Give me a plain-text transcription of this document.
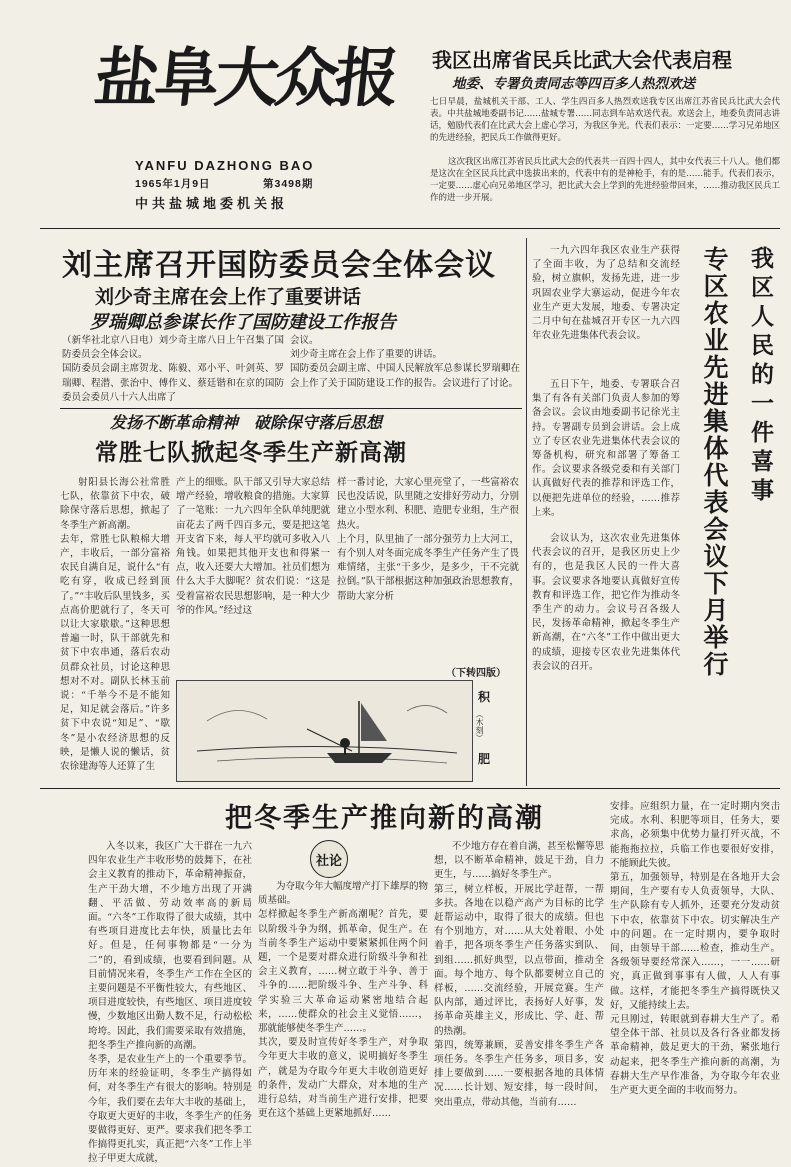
盐阜大众报
YANFU DAZHONG BAO
1965年1月9日	第3498期
中共盐城地委机关报
我区出席省民兵比武大会代表启程
地委、专署负责同志等四百多人热烈欢送
七日早晨，盐城机关干部、工人、学生四百多人热烈欢送我专区出席江苏省民兵比武大会代表。中共盐城地委副书记……盐城专署……同志到车站欢送代表。欢送会上，地委负责同志讲话，勉励代表们在比武大会上虚心学习，为我区争光。代表们表示：一定要……学习兄弟地区的先进经验，把民兵工作做得更好。
这次我区出席江苏省民兵比武大会的代表共一百四十四人，其中女代表三十八人。他们都是这次在全区民兵比武中选拔出来的，代表中有的是神枪手，有的是……能手。代表们表示，一定要……虚心向兄弟地区学习，把比武大会上学到的先进经验带回来，……推动我区民兵工作的进一步开展。
刘主席召开国防委员会全体会议
刘少奇主席在会上作了重要讲话
罗瑞卿总参谋长作了国防建设工作报告
（新华社北京八日电）刘少奇主席八日上午召集了国防委员会全体会议。
国防委员会副主席贺龙、陈毅、邓小平、叶剑英、罗瑞卿、程潜、张治中、傅作义、蔡廷锴和在京的国防委员会委员八十六人出席了
会议。
刘少奇主席在会上作了重要的讲话。
国防委员会副主席、中国人民解放军总参谋长罗瑞卿在会上作了关于国防建设工作的报告。会议进行了讨论。
发扬不断革命精神　破除保守落后思想
常胜七队掀起冬季生产新高潮
射阳县长海公社常胜七队，依靠贫下中农，破除保守落后思想，掀起了冬季生产新高潮。
去年，常胜七队粮棉大增产，丰收后，一部分富裕农民自满自足，说什么“有吃有穿，收成已经到顶了。”“丰收后队里钱多，买点高价肥就行了，冬天可以让大家歇歇。”这种思想普遍一时，队干部就先和贫下中农串通，落后农动员群众社员，讨论这种思想对不对。副队长林玉前说：“千举今不是不能知足，知足就会落后。”许多贫下中农说“知足”、“歇冬”是小农经济思想的反映，是懒人说的懒话，贫农徐建海等人还算了生
产上的细账。队干部又引导大家总结增产经验，增收粮食的措施。大家算了一笔账：一九六四年全队单纯肥就亩花去了两千四百多元，要是把这笔开支省下来，每人平均就可多收入八角钱。如果把其他开支也和得紧一点，收入还要大大增加。社员们想为什么大手大脚呢？贫农们说：“这是受着富裕农民思想影响，是一种大少爷的作风。”经过这
样一番讨论，大家心里亮堂了，一些富裕农民也没话说，队里随之安排好劳动力，分别建立小型水利、积肥、造肥专业组，生产很热火。
上个月，队里抽了一部分强劳力上大河工，有个别人对冬面完成冬季生产任务产生了畏难情绪，主张“干多少，是多少，干不完就拉倒。”队干部根据这种加强政治思想教育，帮助大家分析
（下转四版）
积
（木刻）
肥
一九六四年我区农业生产获得了全面丰收，为了总结和交流经验，树立旗帜，发扬先进，进一步巩固农业学大寨运动，促进今年农业生产更大发展，地委、专署决定二月中旬在盐城召开专区一九六四年农业先进集体代表会议。
五日下午，地委、专署联合召集了有各有关部门负责人参加的筹备会议。会议由地委副书记徐光主持。专署副专员到会讲话。会上成立了专区农业先进集体代表会议的筹备机构，研究和部署了筹备工作。会议要求各级党委和有关部门认真做好代表的推荐和评选工作，以便把先进单位的经验，……推荐上来。
会议认为，这次农业先进集体代表会议的召开，是我区历史上少有的，也是我区人民的一件大喜事。会议要求各地要认真做好宣传教育和评选工作，把它作为推动冬季生产的动力。会议号召各级人民，发扬革命精神，掀起冬季生产新高潮，在“六冬”工作中做出更大的成绩，迎接专区农业先进集体代表会议的召开。
我区人民的一件喜事
专区农业先进集体代表会议下月举行
把冬季生产推向新的高潮
社论
入冬以来，我区广大干群在一九六四年农业生产丰收形势的鼓舞下，在社会主义教育的推动下，革命精神振奋，生产干劲大增，不少地方出现了开满翻、平活做、劳动效率高的新局面。“六冬”工作取得了很大成绩，其中有些项目进度比去年快，质量比去年好。但是，任何事物都是“一分为二”的，看到成绩，也要看到问题。从目前情况来看，冬季生产工作在全区的主要问题是不平衡性较大，有些地区、项目进度较快，有些地区、项目进度较慢，少数地区出勤人数不足，行动松松垮垮。因此，我们需要采取有效措施，把冬季生产推向新的高潮。
冬季，是农业生产上的一个重要季节。历年来的经验证明，冬季生产搞得如何，对冬季生产有很大的影响。特别是今年，我们要在去年大丰收的基础上，夺取更大更好的丰收，冬季生产的任务要做得更好、更严。要求我们把冬季工作搞得更扎实，真正把“六冬”工作上半拉子甲更大成就，
为夺取今年大幅度增产打下雄厚的物质基础。
怎样掀起冬季生产新高潮呢？首先，要以阶级斗争为纲，抓革命，促生产。在当前冬季生产运动中要紧紧抓住两个问题，一个是要对群众进行阶级斗争和社会主义教育，……树立敢于斗争、善于斗争的……把阶级斗争、生产斗争、科学实验三大革命运动紧密地结合起来，……使群众的社会主义觉悟……，那就能够使冬季生产……。
其次，要及时宣传好冬季生产，对争取今年更大丰收的意义，说明搞好冬季生产，就是为夺取今年更大丰收创造更好的条件，发动广大群众，对本地的生产进行总结，对当前生产进行安排，把要更在这个基础上更紧地抓好……
不少地方存在着自满，甚至松懈等思想，以不断革命精神，鼓足干劲，自力更生，与……搞好冬季生产。
第三，树立样板，开展比学赶帮，一帮多扶。各地在以稳产高产为目标的比学赶帮运动中，取得了很大的成绩。但也有个别地方，对……从大处着眼、小处着手，把各项冬季生产任务落实到队、到组……抓好典型，以点带面，推动全面。每个地方、每个队都要树立自己的样板，……交流经验，开展竞赛。生产队内部，通过评比，表扬好人好事，发扬革命英雄主义，形成比、学、赶、帮的热潮。
第四，统筹兼顾，妥善安排冬季生产各项任务。冬季生产任务多，项目多，安排上要做到……一要根据各地的具体情况……长计划、短安排，每一段时间，突出重点，带动其他，当前有……
安排。应组织力量，在一定时期内突击完成。水利、积肥等项目，任务大，要求高，必须集中优势力量打歼灭战，不能拖拖拉拉，兵临工作也要很好安排，不能顾此失彼。
第五，加强领导，特别是在各地开大会期间，生产要有专人负责领导，大队、生产队除有专人抓外，还要充分发动贫下中农，依靠贫下中农。切实解决生产中的问题。在一定时期内，要争取时间，由领导干部……检查，推动生产。各级领导要经常深入……，一一……研究，真正做到事事有人做，人人有事做。这样，才能把冬季生产搞得既快又好，又能持续上去。
元旦刚过，转眼就到春耕大生产了。希望全体干部、社员以及各行各业都发扬革命精神，鼓足更大的干劲，紧张地行动起来，把冬季生产推向新的高潮，为春耕大生产早作准备，为夺取今年农业生产更大更全面的丰收而努力。
